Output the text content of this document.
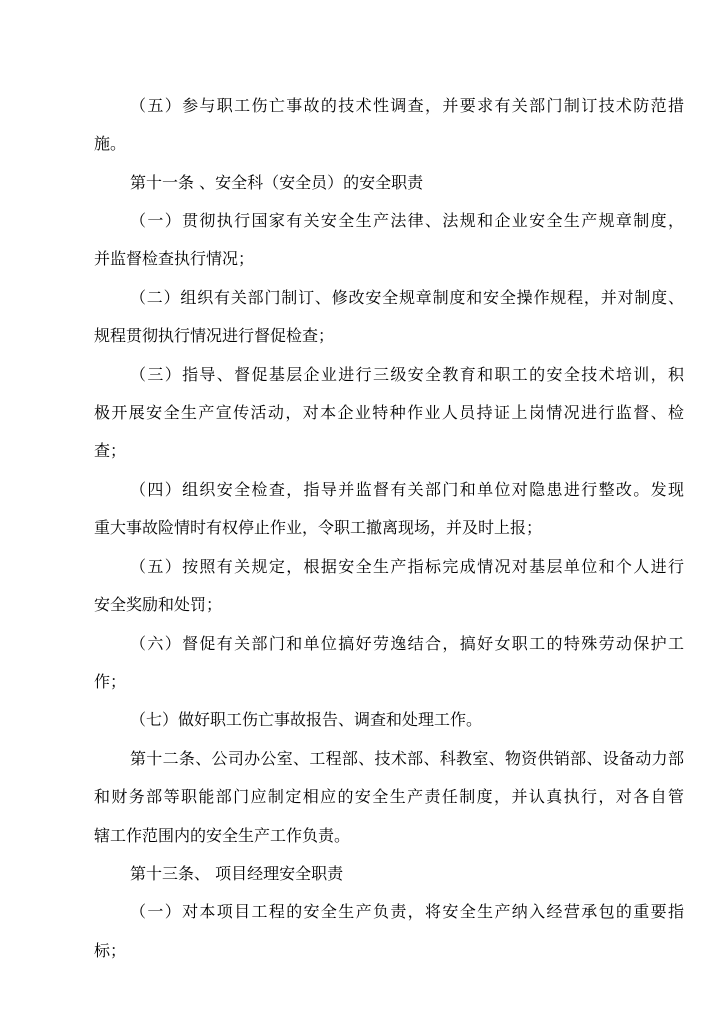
（五）参与职工伤亡事故的技术性调查，并要求有关部门制订技术防范措
施。
第十一条 、安全科（安全员）的安全职责
（一）贯彻执行国家有关安全生产法律、法规和企业安全生产规章制度，
并监督检查执行情况；
（二）组织有关部门制订、修改安全规章制度和安全操作规程，并对制度、
规程贯彻执行情况进行督促检查；
（三）指导、督促基层企业进行三级安全教育和职工的安全技术培训，积
极开展安全生产宣传活动，对本企业特种作业人员持证上岗情况进行监督、检
查；
（四）组织安全检查，指导并监督有关部门和单位对隐患进行整改。发现
重大事故险情时有权停止作业，令职工撤离现场，并及时上报；
（五）按照有关规定，根据安全生产指标完成情况对基层单位和个人进行
安全奖励和处罚；
（六）督促有关部门和单位搞好劳逸结合，搞好女职工的特殊劳动保护工
作；
（七）做好职工伤亡事故报告、调查和处理工作。
第十二条、公司办公室、工程部、技术部、科教室、物资供销部、设备动力部
和财务部等职能部门应制定相应的安全生产责任制度，并认真执行，对各自管
辖工作范围内的安全生产工作负责。
第十三条、 项目经理安全职责
（一）对本项目工程的安全生产负责，将安全生产纳入经营承包的重要指
标；
